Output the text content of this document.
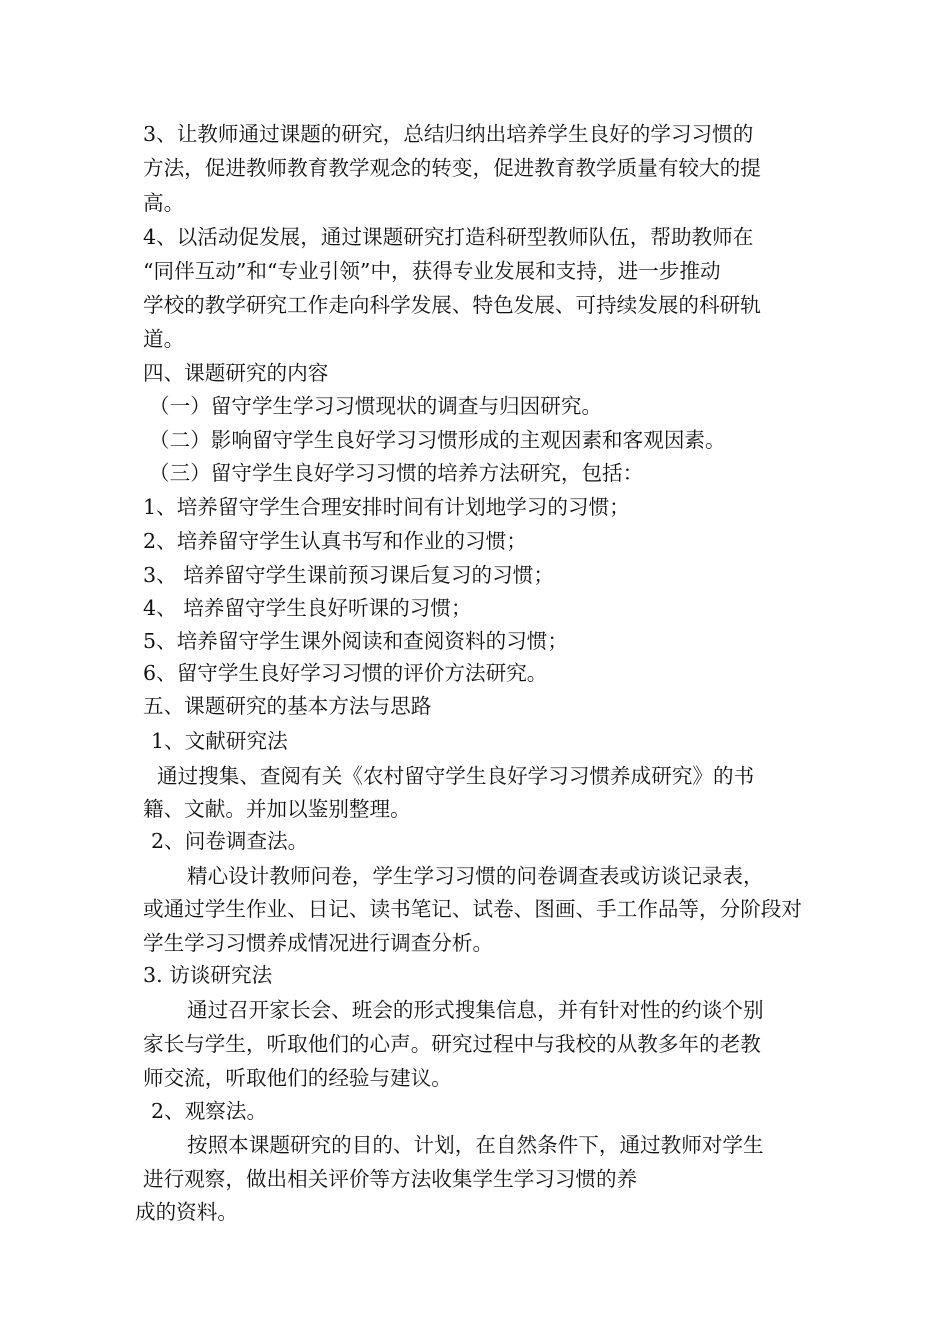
3、让教师通过课题的研究，总结归纳出培养学生良好的学习习惯的
方法，促进教师教育教学观念的转变，促进教育教学质量有较大的提
高。
4、以活动促发展，通过课题研究打造科研型教师队伍，帮助教师在
“同伴互动”和“专业引领”中，获得专业发展和支持，进一步推动
学校的教学研究工作走向科学发展、特色发展、可持续发展的科研轨
道。
四、课题研究的内容
（一）留守学生学习习惯现状的调查与归因研究。
（二）影响留守学生良好学习习惯形成的主观因素和客观因素。
（三）留守学生良好学习习惯的培养方法研究，包括：
1、培养留守学生合理安排时间有计划地学习的习惯；
2、培养留守学生认真书写和作业的习惯；
3、 培养留守学生课前预习课后复习的习惯；
4、 培养留守学生良好听课的习惯；
5、培养留守学生课外阅读和查阅资料的习惯；
6、留守学生良好学习习惯的评价方法研究。
五、课题研究的基本方法与思路
1、文献研究法
通过搜集、查阅有关《农村留守学生良好学习习惯养成研究》的书
籍、文献。并加以鉴别整理。
2、问卷调查法。
精心设计教师问卷，学生学习习惯的问卷调查表或访谈记录表，
或通过学生作业、日记、读书笔记、试卷、图画、手工作品等，分阶段对
学生学习习惯养成情况进行调查分析。
3. 访谈研究法
通过召开家长会、班会的形式搜集信息，并有针对性的约谈个别
家长与学生，听取他们的心声。研究过程中与我校的从教多年的老教
师交流，听取他们的经验与建议。
2、观察法。
按照本课题研究的目的、计划，在自然条件下，通过教师对学生
进行观察，做出相关评价等方法收集学生学习习惯的养
成的资料。
